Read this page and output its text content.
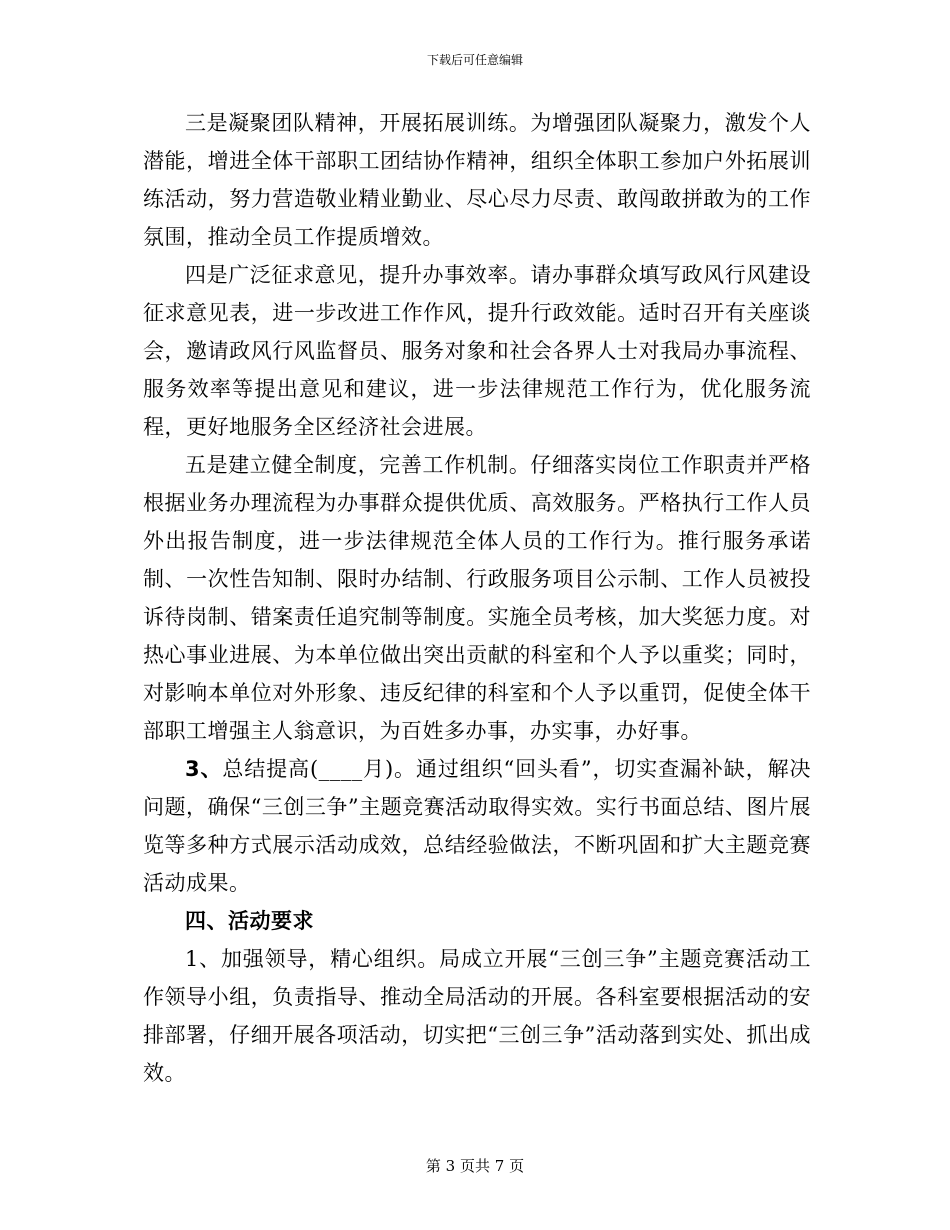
下载后可任意编辑

三是凝聚团队精神，开展拓展训练。为增强团队凝聚力，激发个人潜能，增进全体干部职工团结协作精神，组织全体职工参加户外拓展训练活动，努力营造敬业精业勤业、尽心尽力尽责、敢闯敢拼敢为的工作氛围，推动全员工作提质增效。

四是广泛征求意见，提升办事效率。请办事群众填写政风行风建设征求意见表，进一步改进工作作风，提升行政效能。适时召开有关座谈会，邀请政风行风监督员、服务对象和社会各界人士对我局办事流程、服务效率等提出意见和建议，进一步法律规范工作行为，优化服务流程，更好地服务全区经济社会进展。

五是建立健全制度，完善工作机制。仔细落实岗位工作职责并严格根据业务办理流程为办事群众提供优质、高效服务。严格执行工作人员外出报告制度，进一步法律规范全体人员的工作行为。推行服务承诺制、一次性告知制、限时办结制、行政服务项目公示制、工作人员被投诉待岗制、错案责任追究制等制度。实施全员考核，加大奖惩力度。对热心事业进展、为本单位做出突出贡献的科室和个人予以重奖；同时，对影响本单位对外形象、违反纪律的科室和个人予以重罚，促使全体干部职工增强主人翁意识，为百姓多办事，办实事，办好事。

3、总结提高(____月)。通过组织“回头看”，切实查漏补缺，解决问题，确保“三创三争”主题竞赛活动取得实效。实行书面总结、图片展览等多种方式展示活动成效，总结经验做法，不断巩固和扩大主题竞赛活动成果。

四、活动要求

1、加强领导，精心组织。局成立开展“三创三争”主题竞赛活动工作领导小组，负责指导、推动全局活动的开展。各科室要根据活动的安排部署，仔细开展各项活动，切实把“三创三争”活动落到实处、抓出成效。

第 3 页共 7 页
